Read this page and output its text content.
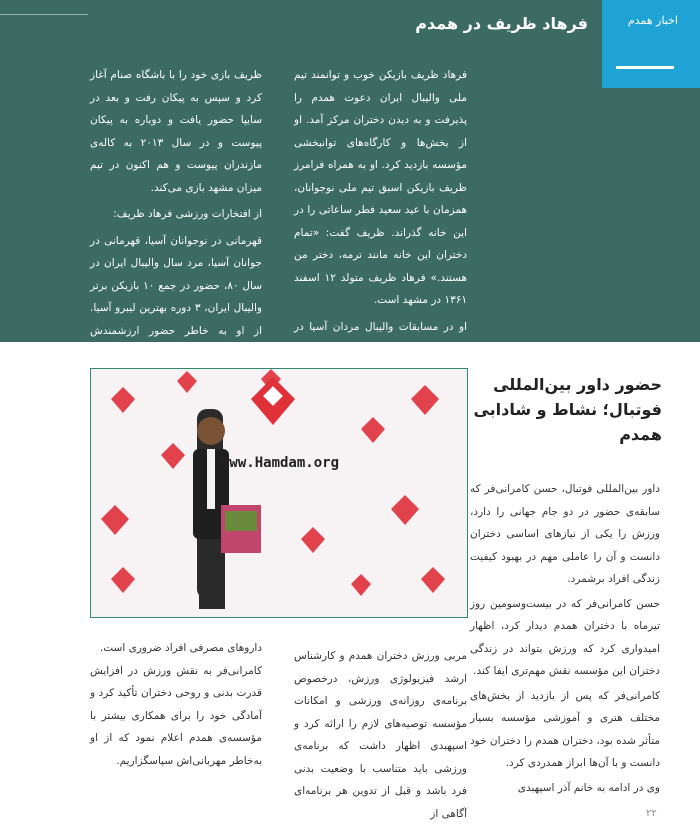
اخبار همدم
فرهاد ظریف در همدم

فرهاد ظریف بازیکن خوب و توانمند تیم ملی والیبال ایران دعوت همدم را پذیرفت و به دیدن دختران مرکز آمد. او از بخش‌ها و کارگاه‌های توانبخشی مؤسسه بازدید کرد. او به همراه فرامرز ظریف بازیکن اسبق تیم ملی نوجوانان، همزمان با عید سعید فطر ساعاتی را در این خانه گذراند. ظریف گفت: «تمام دختران این خانه مانند ترمه، دختر من هستند.» فرهاد ظریف متولد ۱۲ اسفند ۱۳۶۱ در مشهد است.

او در مسابقات والیبال مردان آسیا در سال ۲۰۱۱ بهترین لیبرو آسیا نام گرفت.

ظریف بازی خود را با باشگاه صنام آغاز کرد و سپس به پیکان رفت و بعد در سایپا حضور یافت و دوباره به پیکان پیوست و در سال ۲۰۱۳ به کاله‌ی مازندران پیوست و هم اکنون در تیم میزان مشهد بازی می‌کند.

از افتخارات ورزشی فرهاد ظریف:

قهرمانی در نوجوانان آسیا، قهرمانی در جوانان آسیا، مرد سال والیبال ایران در سال ۸۰، حضور در جمع ۱۰ بازیکن برتر والیبال ایران، ۳ دوره بهترین لیبرو آسیا. از او به خاطر حضور ارزشمندش ممنونیم.

www.Hamdam.org
حضور داور بین‌المللی فوتبال؛ نشاط و شادابی همدم

داور بین‌المللی فوتبال، حسن کامرانی‌فر که سابقه‌ی حضور در دو جام جهانی را دارد، ورزش را یکی از نیازهای اساسی دختران دانست و آن را عاملی مهم در بهبود کیفیت زندگی افراد برشمرد.

حسن کامرانی‌فر که در بیست‌وسومین روز تیرماه با دختران همدم دیدار کرد، اظهار امیدواری کرد که ورزش بتواند در زندگی دختران این مؤسسه نقش مهم‌تری ایفا کند.

کامرانی‌فر که پس از بازدید از بخش‌های مختلف هنری و آموزشی مؤسسه بسیار متأثر شده بود، دختران همدم را دختران خود دانست و با آن‌ها ابراز همدردی کرد.

وی در ادامه به خانم آذر اسپهبدی

مربی ورزش دختران همدم و کارشناس ارشد فیزیولوژی ورزش، درخصوص برنامه‌ی روزانه‌ی ورزشی و امکانات مؤسسه توصیه‌های لازم را ارائه کرد و اسپهبدی اظهار داشت که برنامه‌ی ورزشی باید متناسب با وضعیت بدنی فرد باشد و قبل از تدوین هر برنامه‌ای آگاهی از

داروهای مصرفی افراد ضروری است.

کامرانی‌فر به نقش ورزش در افزایش قدرت بدنی و روحی دختران تأکید کرد و آمادگی خود را برای همکاری بیشتر با مؤسسه‌ی همدم اعلام نمود که از او به‌خاطر مهربانی‌اش سپاسگزاریم.

۲۲
